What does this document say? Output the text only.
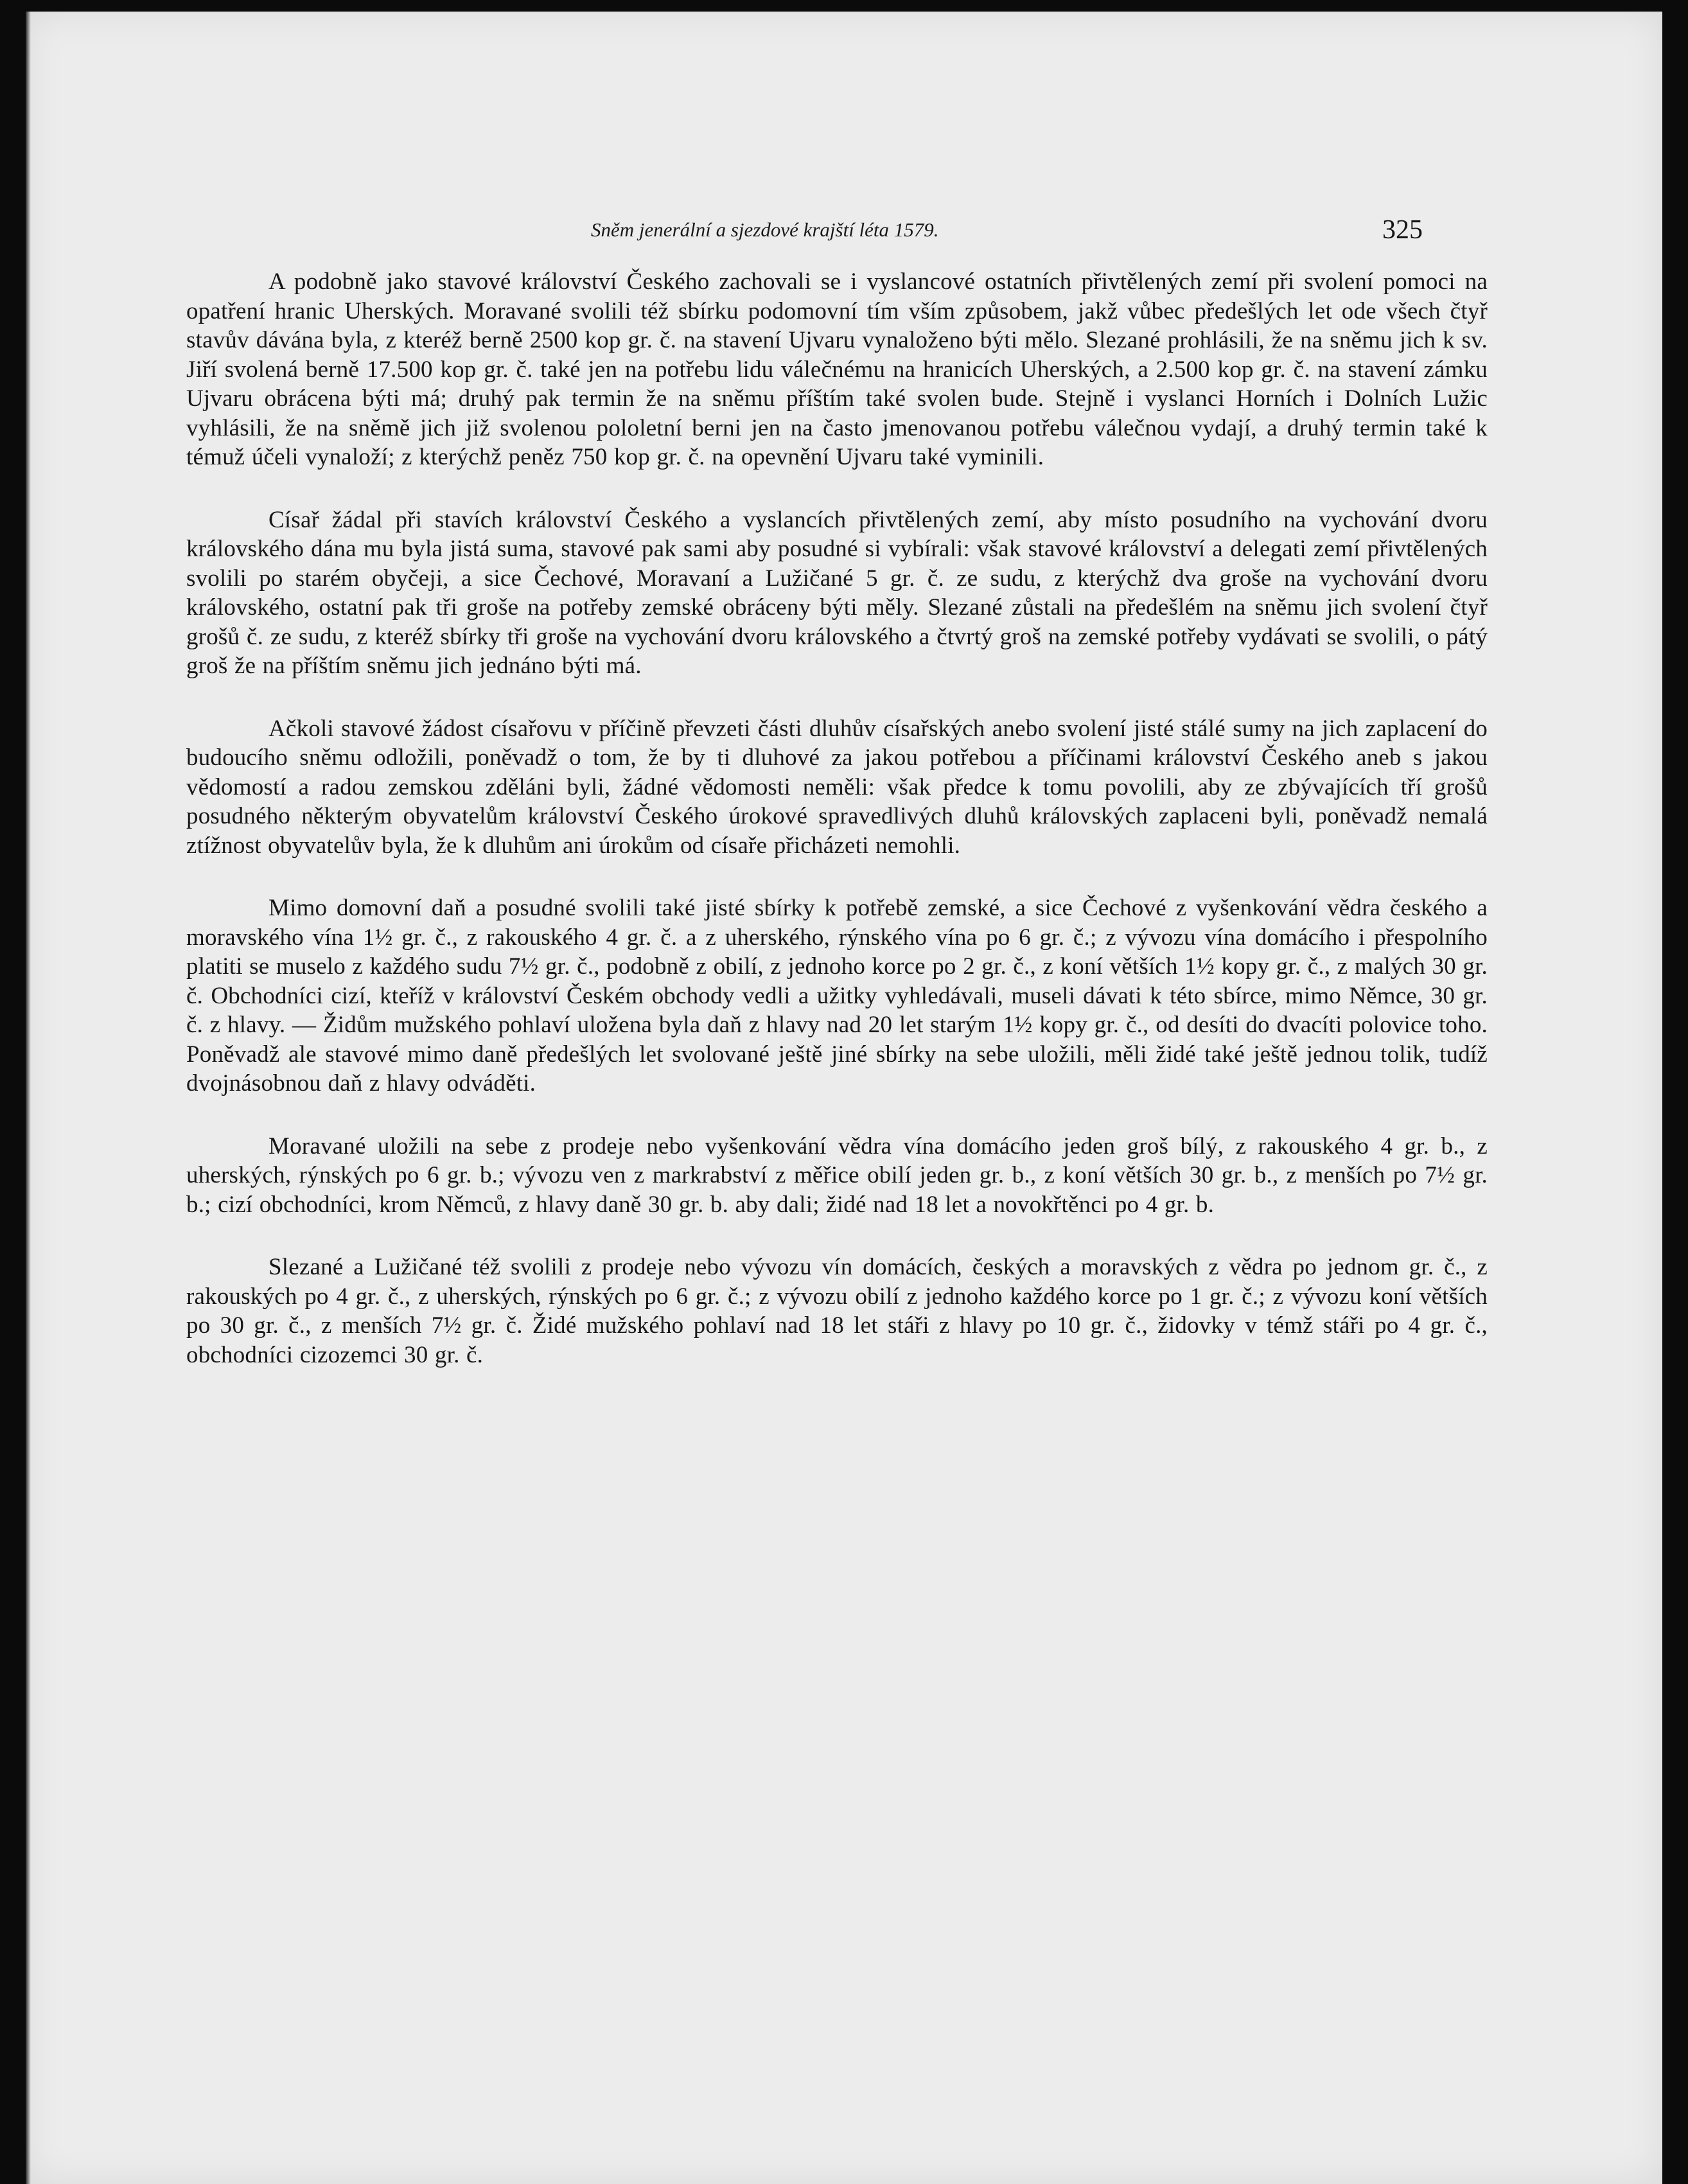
Sněm jenerální a sjezdové krajští léta 1579.	325

A podobně jako stavové království Českého zachovali se i vyslancové ostatních přivtělených zemí při svolení pomoci na opatření hranic Uherských. Moravané svolili též sbírku podomovní tím vším způsobem, jakž vůbec předešlých let ode všech čtyř stavův dávána byla, z kteréž berně 2500 kop gr. č. na stavení Ujvaru vynaloženo býti mělo. Slezané prohlásili, že na sněmu jich k sv. Jiří svolená berně 17.500 kop gr. č. také jen na potřebu lidu válečnému na hranicích Uherských, a 2.500 kop gr. č. na stavení zámku Ujvaru obrácena býti má; druhý pak termin že na sněmu příštím také svolen bude. Stejně i vyslanci Horních i Dolních Lužic vyhlásili, že na sněmě jich již svolenou pololetní berni jen na často jmenovanou potřebu válečnou vydají, a druhý termin také k témuž účeli vynaloží; z kterýchž peněz 750 kop gr. č. na opevnění Ujvaru také vyminili.

Císař žádal při stavích království Českého a vyslancích přivtělených zemí, aby místo posudního na vychování dvoru královského dána mu byla jistá suma, stavové pak sami aby posudné si vybírali: však stavové království a delegati zemí přivtělených svolili po starém obyčeji, a sice Čechové, Moravaní a Lužičané 5 gr. č. ze sudu, z kterýchž dva groše na vychování dvoru královského, ostatní pak tři groše na potřeby zemské obráceny býti měly. Slezané zůstali na předešlém na sněmu jich svolení čtyř grošů č. ze sudu, z kteréž sbírky tři groše na vychování dvoru královského a čtvrtý groš na zemské potřeby vydávati se svolili, o pátý groš že na příštím sněmu jich jednáno býti má.

Ačkoli stavové žádost císařovu v příčině převzeti části dluhův císařských anebo svolení jisté stálé sumy na jich zaplacení do budoucího sněmu odložili, poněvadž o tom, že by ti dluhové za jakou potřebou a příčinami království Českého aneb s jakou vědomostí a radou zemskou zděláni byli, žádné vědomosti neměli: však předce k tomu povolili, aby ze zbývajících tří grošů posudného některým obyvatelům království Českého úrokové spravedlivých dluhů královských zaplaceni byli, poněvadž nemalá ztížnost obyvatelův byla, že k dluhům ani úrokům od císaře přicházeti nemohli.

Mimo domovní daň a posudné svolili také jisté sbírky k potřebě zemské, a sice Čechové z vyšenkování vědra českého a moravského vína 1½ gr. č., z rakouského 4 gr. č. a z uherského, rýnského vína po 6 gr. č.; z vývozu vína domácího i přespolního platiti se muselo z každého sudu 7½ gr. č., podobně z obilí, z jednoho korce po 2 gr. č., z koní větších 1½ kopy gr. č., z malých 30 gr. č. Obchodníci cizí, kteříž v království Českém obchody vedli a užitky vyhledávali, museli dávati k této sbírce, mimo Němce, 30 gr. č. z hlavy. — Židům mužského pohlaví uložena byla daň z hlavy nad 20 let starým 1½ kopy gr. č., od desíti do dvacíti polovice toho. Poněvadž ale stavové mimo daně předešlých let svolované ještě jiné sbírky na sebe uložili, měli židé také ještě jednou tolik, tudíž dvojnásobnou daň z hlavy odváděti.

Moravané uložili na sebe z prodeje nebo vyšenkování vědra vína domácího jeden groš bílý, z rakouského 4 gr. b., z uherských, rýnských po 6 gr. b.; vývozu ven z markrabství z měřice obilí jeden gr. b., z koní větších 30 gr. b., z menších po 7½ gr. b.; cizí obchodníci, krom Němců, z hlavy daně 30 gr. b. aby dali; židé nad 18 let a novokřtěnci po 4 gr. b.

Slezané a Lužičané též svolili z prodeje nebo vývozu vín domácích, českých a moravských z vědra po jednom gr. č., z rakouských po 4 gr. č., z uherských, rýnských po 6 gr. č.; z vývozu obilí z jednoho každého korce po 1 gr. č.; z vývozu koní větších po 30 gr. č., z menších 7½ gr. č. Židé mužského pohlaví nad 18 let stáři z hlavy po 10 gr. č., židovky v témž stáři po 4 gr. č., obchodníci cizozemci 30 gr. č.
